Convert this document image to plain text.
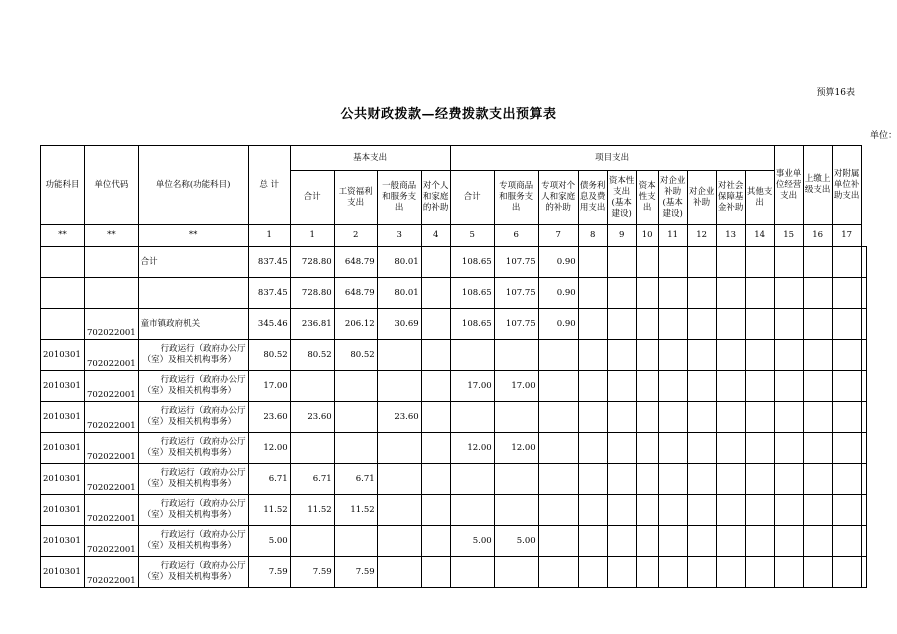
预算16表
公共财政拨款—经费拨款支出预算表
单位：
功能科目	单位代码	单位名称(功能科目)	总 计	基本支出				项目支出										事业单位经营支出	上缴上级支出	对附属单位补助支出	
				合计	工资福利支出	一般商品和服务支出	对个人和家庭的补助	合计	专项商品和服务支出	专项对个人和家庭的补助	债务利息及费用支出	资本性支出(基本建设)	资本性支出	对企业补助(基本建设)	对企业补助	对社会保障基金补助	其他支出				
**	**	**	1	1	2	3	4	5	6	7	8	9	10	11	12	13	14	15	16	17	
		合计	837.45	728.80	648.79	80.01		108.65	107.75	0.90											
			837.45	728.80	648.79	80.01		108.65	107.75	0.90											
	702022001	童市镇政府机关	345.46	236.81	206.12	30.69		108.65	107.75	0.90											
2010301	702022001	行政运行（政府办公厅（室）及相关机构事务）	80.52	80.52	80.52																
2010301	702022001	行政运行（政府办公厅（室）及相关机构事务）	17.00					17.00	17.00												
2010301	702022001	行政运行（政府办公厅（室）及相关机构事务）	23.60	23.60		23.60															
2010301	702022001	行政运行（政府办公厅（室）及相关机构事务）	12.00					12.00	12.00												
2010301	702022001	行政运行（政府办公厅（室）及相关机构事务）	6.71	6.71	6.71																
2010301	702022001	行政运行（政府办公厅（室）及相关机构事务）	11.52	11.52	11.52																
2010301	702022001	行政运行（政府办公厅（室）及相关机构事务）	5.00					5.00	5.00												
2010301	702022001	行政运行（政府办公厅（室）及相关机构事务）	7.59	7.59	7.59																
